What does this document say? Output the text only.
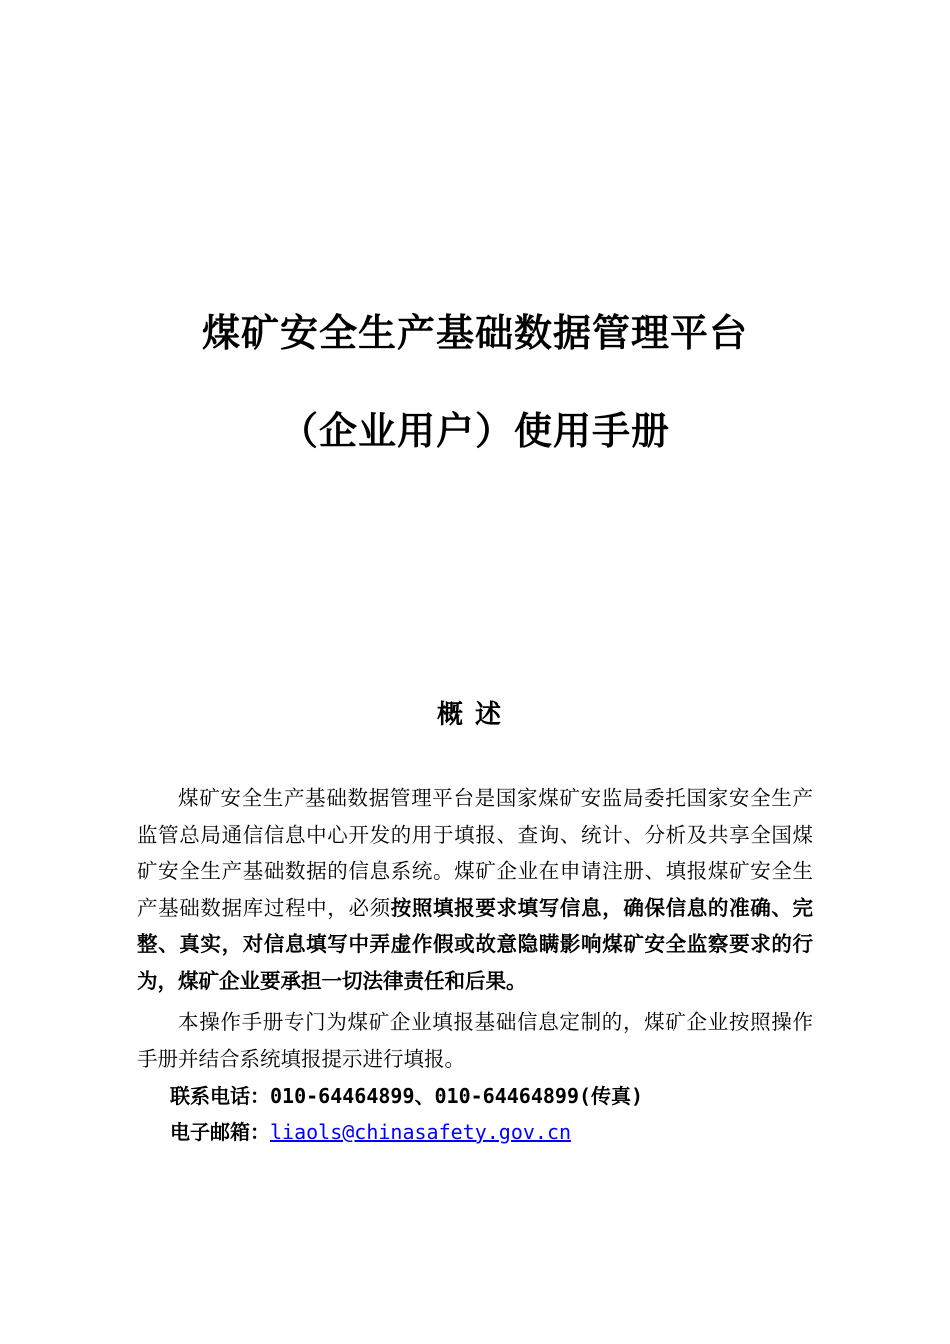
煤矿安全生产基础数据管理平台
（企业用户）使用手册
概述

煤矿安全生产基础数据管理平台是国家煤矿安监局委托国家安全生产监管总局通信信息中心开发的用于填报、查询、统计、分析及共享全国煤矿安全生产基础数据的信息系统。煤矿企业在申请注册、填报煤矿安全生产基础数据库过程中，必须按照填报要求填写信息，确保信息的准确、完整、真实，对信息填写中弄虚作假或故意隐瞒影响煤矿安全监察要求的行为，煤矿企业要承担一切法律责任和后果。

本操作手册专门为煤矿企业填报基础信息定制的，煤矿企业按照操作手册并结合系统填报提示进行填报。

联系电话：010-64464899、010-64464899(传真)
电子邮箱：liaols@chinasafety.gov.cn
